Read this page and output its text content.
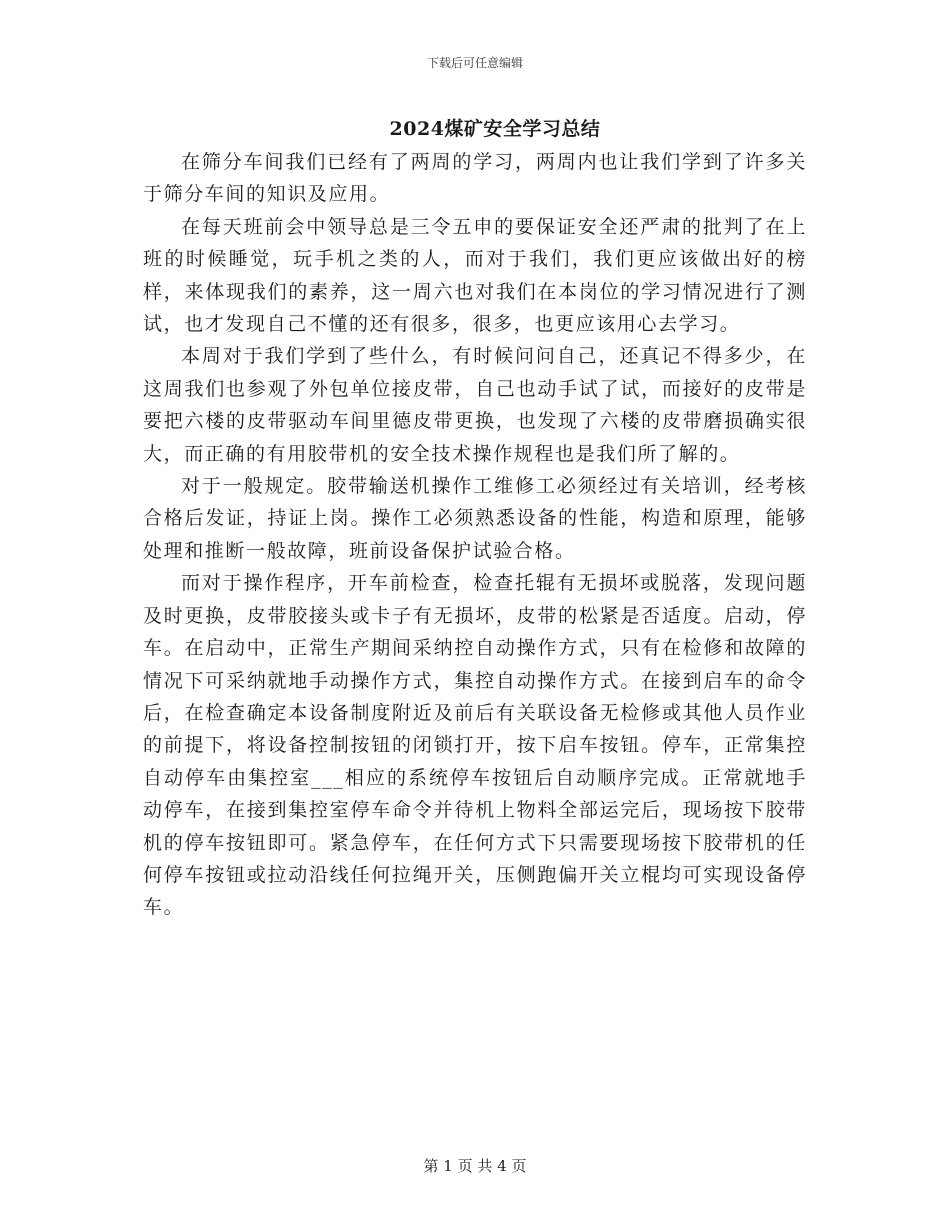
下载后可任意编辑
2024煤矿安全学习总结

在筛分车间我们已经有了两周的学习，两周内也让我们学到了许多关于筛分车间的知识及应用。

在每天班前会中领导总是三令五申的要保证安全还严肃的批判了在上班的时候睡觉，玩手机之类的人，而对于我们，我们更应该做出好的榜样，来体现我们的素养，这一周六也对我们在本岗位的学习情况进行了测试，也才发现自己不懂的还有很多，很多，也更应该用心去学习。

本周对于我们学到了些什么，有时候问问自己，还真记不得多少，在这周我们也参观了外包单位接皮带，自己也动手试了试，而接好的皮带是要把六楼的皮带驱动车间里德皮带更换，也发现了六楼的皮带磨损确实很大，而正确的有用胶带机的安全技术操作规程也是我们所了解的。

对于一般规定。胶带输送机操作工维修工必须经过有关培训，经考核合格后发证，持证上岗。操作工必须熟悉设备的性能，构造和原理，能够处理和推断一般故障，班前设备保护试验合格。

而对于操作程序，开车前检查，检查托辊有无损坏或脱落，发现问题及时更换，皮带胶接头或卡子有无损坏，皮带的松紧是否适度。启动，停车。在启动中，正常生产期间采纳控自动操作方式，只有在检修和故障的情况下可采纳就地手动操作方式，集控自动操作方式。在接到启车的命令后，在检查确定本设备制度附近及前后有关联设备无检修或其他人员作业的前提下，将设备控制按钮的闭锁打开，按下启车按钮。停车，正常集控自动停车由集控室___相应的系统停车按钮后自动顺序完成。正常就地手动停车，在接到集控室停车命令并待机上物料全部运完后，现场按下胶带机的停车按钮即可。紧急停车，在任何方式下只需要现场按下胶带机的任何停车按钮或拉动沿线任何拉绳开关，压侧跑偏开关立棍均可实现设备停车。

第 1 页 共 4 页
